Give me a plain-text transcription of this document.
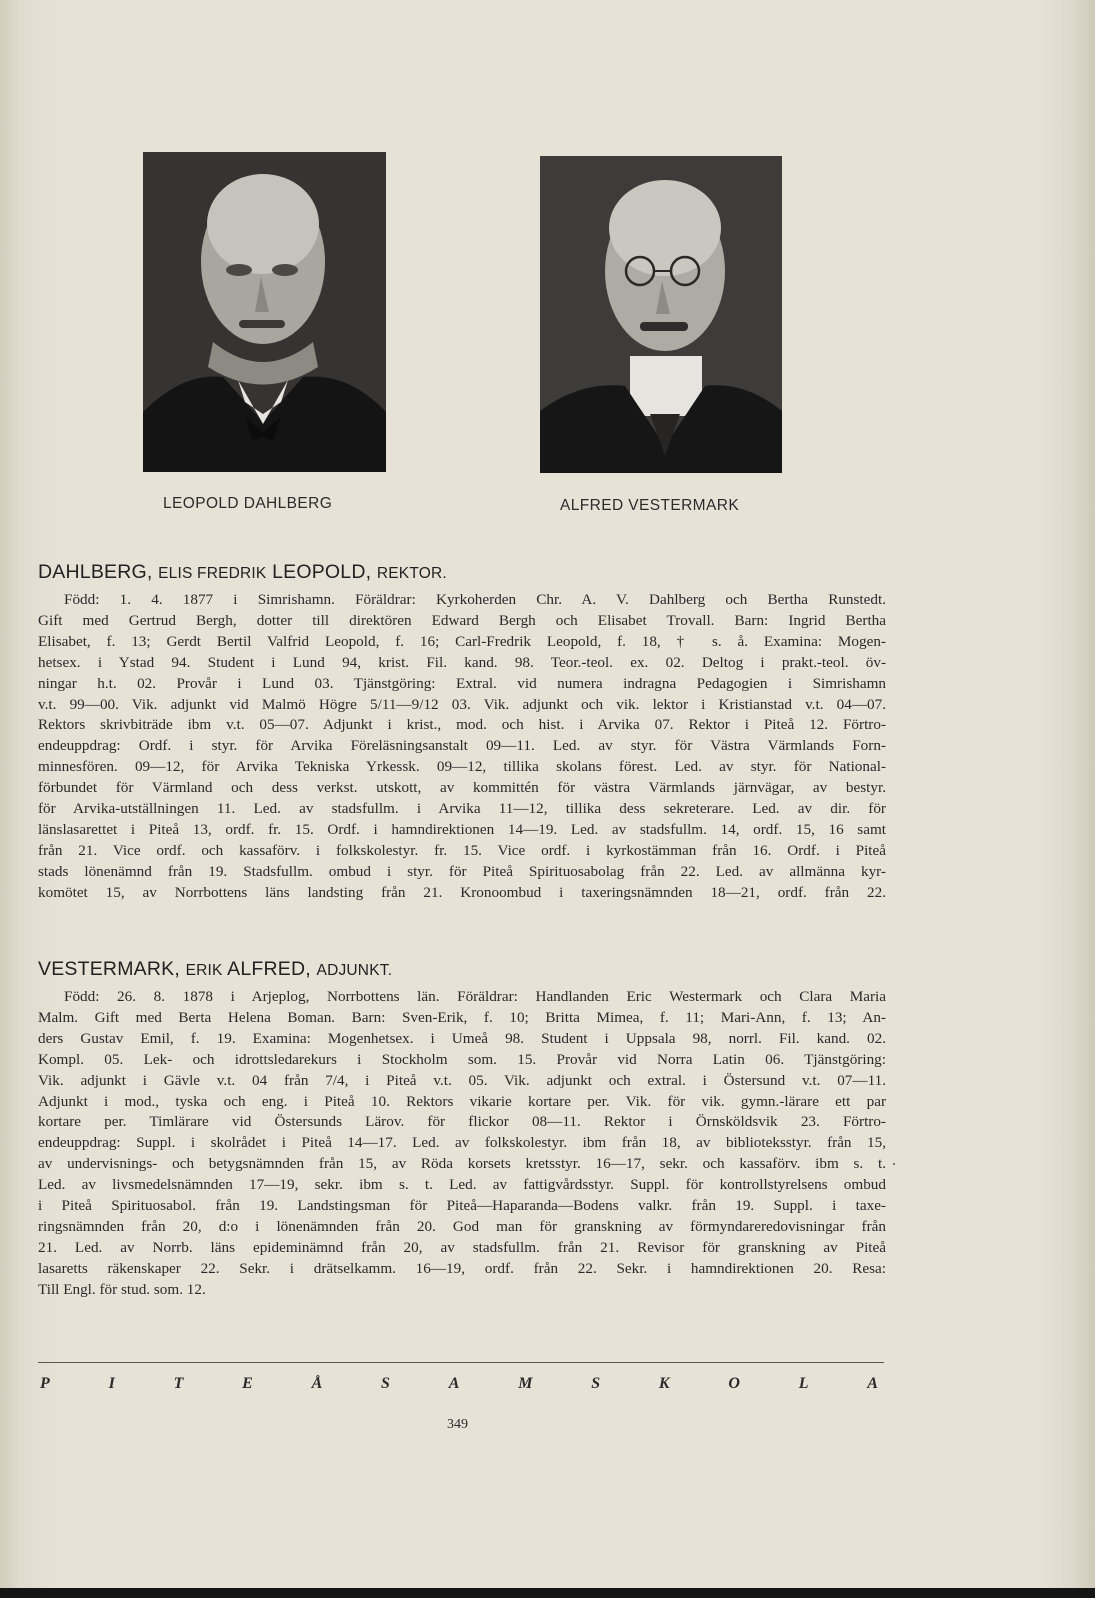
LEOPOLD DAHLBERG	ALFRED VESTERMARK
DAHLBERG, ELIS FREDRIK LEOPOLD, REKTOR.
Född: 1. 4. 1877 i Simrishamn. Föräldrar: Kyrkoherden Chr. A. V. Dahlberg och Bertha Runstedt.
Gift med Gertrud Bergh, dotter till direktören Edward Bergh och Elisabet Trovall. Barn: Ingrid Bertha
Elisabet, f. 13; Gerdt Bertil Valfrid Leopold, f. 16; Carl-Fredrik Leopold, f. 18, † s. å. Examina: Mogen-
hetsex. i Ystad 94. Student i Lund 94, krist. Fil. kand. 98. Teor.-teol. ex. 02. Deltog i prakt.-teol. öv-
ningar h.t. 02. Provår i Lund 03. Tjänstgöring: Extral. vid numera indragna Pedagogien i Simrishamn
v.t. 99—00. Vik. adjunkt vid Malmö Högre 5/11—9/12 03. Vik. adjunkt och vik. lektor i Kristianstad v.t. 04—07.
Rektors skrivbiträde ibm v.t. 05—07. Adjunkt i krist., mod. och hist. i Arvika 07. Rektor i Piteå 12. Förtro-
endeuppdrag: Ordf. i styr. för Arvika Föreläsningsanstalt 09—11. Led. av styr. för Västra Värmlands Forn-
minnesfören. 09—12, för Arvika Tekniska Yrkessk. 09—12, tillika skolans förest. Led. av styr. för National-
förbundet för Värmland och dess verkst. utskott, av kommittén för västra Värmlands järnvägar, av bestyr.
för Arvika-utställningen 11. Led. av stadsfullm. i Arvika 11—12, tillika dess sekreterare. Led. av dir. för
länslasarettet i Piteå 13, ordf. fr. 15. Ordf. i hamndirektionen 14—19. Led. av stadsfullm. 14, ordf. 15, 16 samt
från 21. Vice ordf. och kassaförv. i folkskolestyr. fr. 15. Vice ordf. i kyrkostämman från 16. Ordf. i Piteå
stads lönenämnd från 19. Stadsfullm. ombud i styr. för Piteå Spirituosabolag från 22. Led. av allmänna kyr-
komötet 15, av Norrbottens läns landsting från 21. Kronoombud i taxeringsnämnden 18—21, ordf. från 22.
VESTERMARK, ERIK ALFRED, ADJUNKT.
Född: 26. 8. 1878 i Arjeplog, Norrbottens län. Föräldrar: Handlanden Eric Westermark och Clara Maria
Malm. Gift med Berta Helena Boman. Barn: Sven-Erik, f. 10; Britta Mimea, f. 11; Mari-Ann, f. 13; An-
ders Gustav Emil, f. 19. Examina: Mogenhetsex. i Umeå 98. Student i Uppsala 98, norrl. Fil. kand. 02.
Kompl. 05. Lek- och idrottsledarekurs i Stockholm som. 15. Provår vid Norra Latin 06. Tjänstgöring:
Vik. adjunkt i Gävle v.t. 04 från 7/4, i Piteå v.t. 05. Vik. adjunkt och extral. i Östersund v.t. 07—11.
Adjunkt i mod., tyska och eng. i Piteå 10. Rektors vikarie kortare per. Vik. för vik. gymn.-lärare ett par
kortare per. Timlärare vid Östersunds Lärov. för flickor 08—11. Rektor i Örnsköldsvik 23. Förtro-
endeuppdrag: Suppl. i skolrådet i Piteå 14—17. Led. av folkskolestyr. ibm från 18, av biblioteksstyr. från 15,
av undervisnings- och betygsnämnden från 15, av Röda korsets kretsstyr. 16—17, sekr. och kassaförv. ibm s. t.
Led. av livsmedelsnämnden 17—19, sekr. ibm s. t. Led. av fattigvårdsstyr. Suppl. för kontrollstyrelsens ombud
i Piteå Spirituosabol. från 19. Landstingsman för Piteå—Haparanda—Bodens valkr. från 19. Suppl. i taxe-
ringsnämnden från 20, d:o i lönenämnden från 20. God man för granskning av förmyndareredovisningar från
21. Led. av Norrb. läns epideminämnd från 20, av stadsfullm. från 21. Revisor för granskning av Piteå
lasaretts räkenskaper 22. Sekr. i drätselkamm. 16—19, ordf. från 22. Sekr. i hamndirektionen 20. Resa:
Till Engl. för stud. som. 12.
P	I	T	E	Å	S	A	M	S	K	O	L	A
349
